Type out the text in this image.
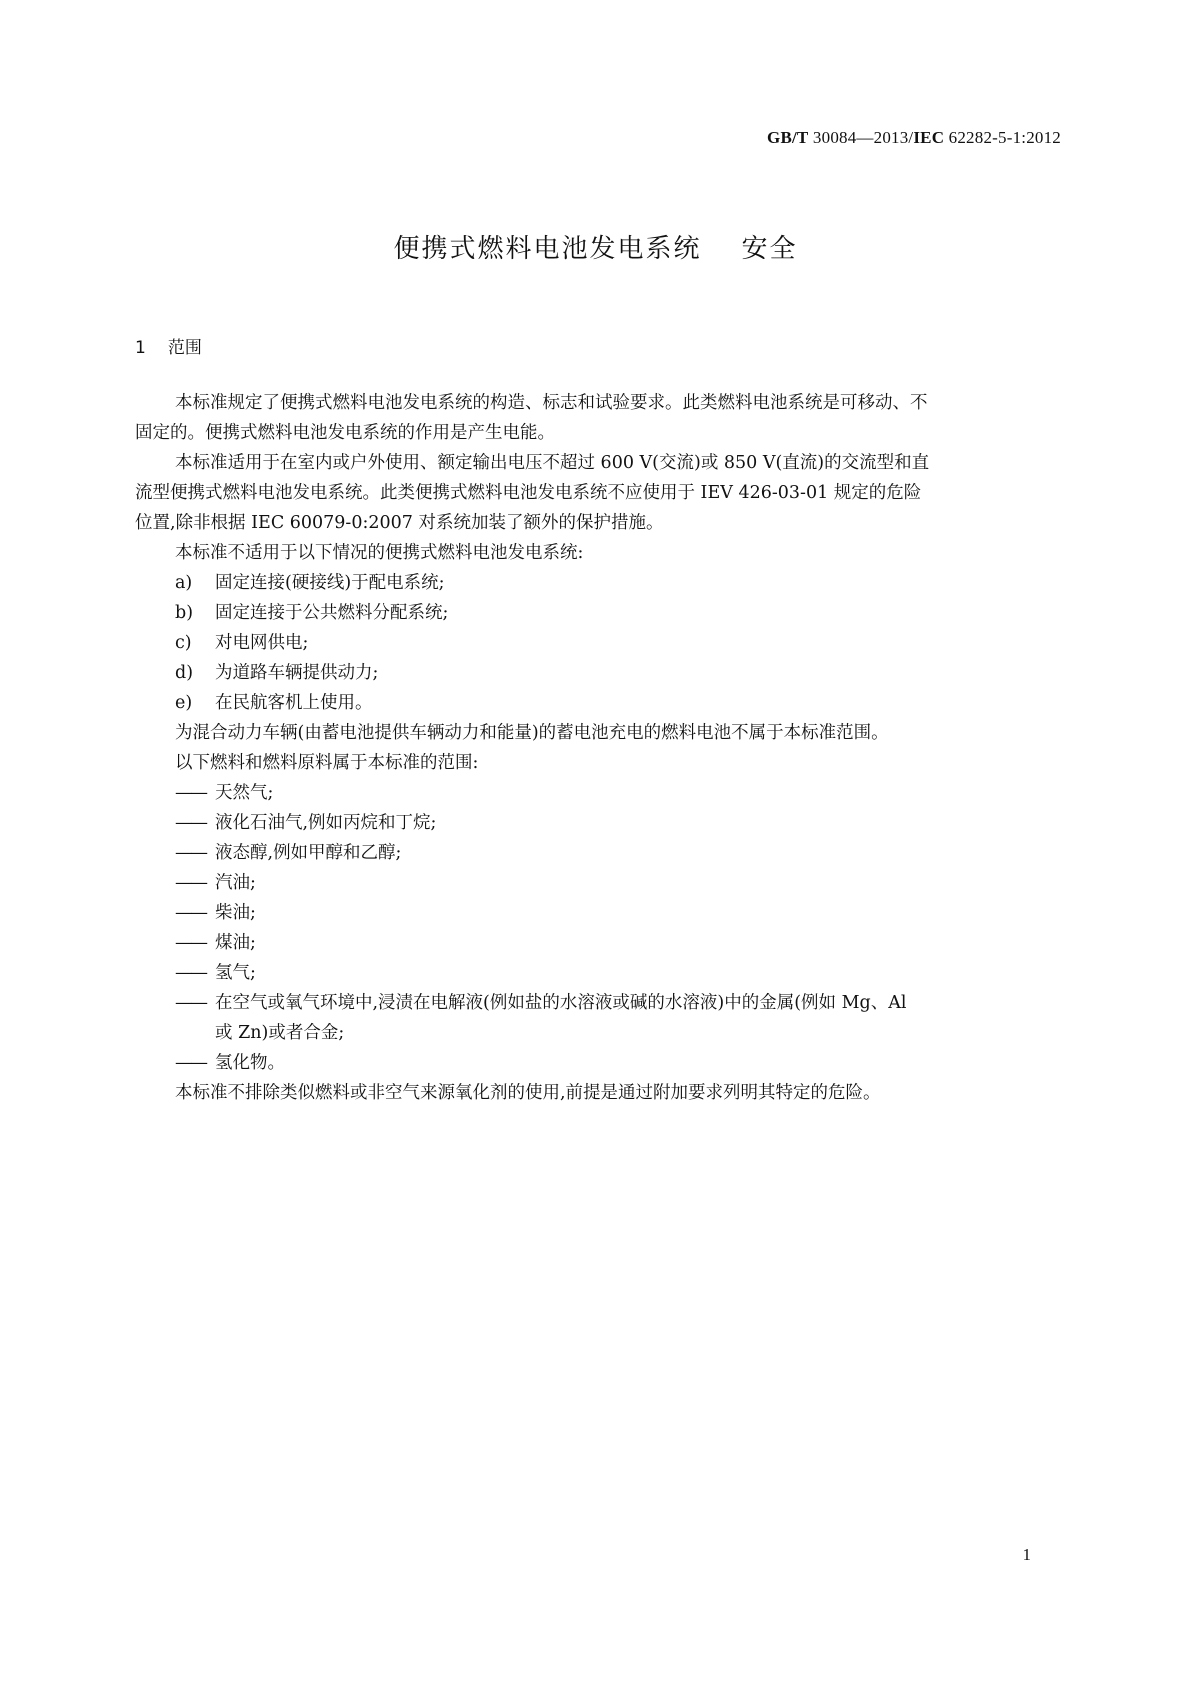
GB/T 30084—2013/IEC 62282-5-1:2012
便携式燃料电池发电系统 安全
1 范围
本标准规定了便携式燃料电池发电系统的构造、标志和试验要求。此类燃料电池系统是可移动、不
固定的。便携式燃料电池发电系统的作用是产生电能。
本标准适用于在室内或户外使用、额定输出电压不超过 600 V(交流)或 850 V(直流)的交流型和直
流型便携式燃料电池发电系统。此类便携式燃料电池发电系统不应使用于 IEV 426-03-01 规定的危险
位置,除非根据 IEC 60079-0:2007 对系统加装了额外的保护措施。
本标准不适用于以下情况的便携式燃料电池发电系统:
a) 固定连接(硬接线)于配电系统;
b) 固定连接于公共燃料分配系统;
c) 对电网供电;
d) 为道路车辆提供动力;
e) 在民航客机上使用。
为混合动力车辆(由蓄电池提供车辆动力和能量)的蓄电池充电的燃料电池不属于本标准范围。
以下燃料和燃料原料属于本标准的范围:
—— 天然气;
—— 液化石油气,例如丙烷和丁烷;
—— 液态醇,例如甲醇和乙醇;
—— 汽油;
—— 柴油;
—— 煤油;
—— 氢气;
—— 在空气或氧气环境中,浸渍在电解液(例如盐的水溶液或碱的水溶液)中的金属(例如 Mg、Al
或 Zn)或者合金;
—— 氢化物。
本标准不排除类似燃料或非空气来源氧化剂的使用,前提是通过附加要求列明其特定的危险。
1
